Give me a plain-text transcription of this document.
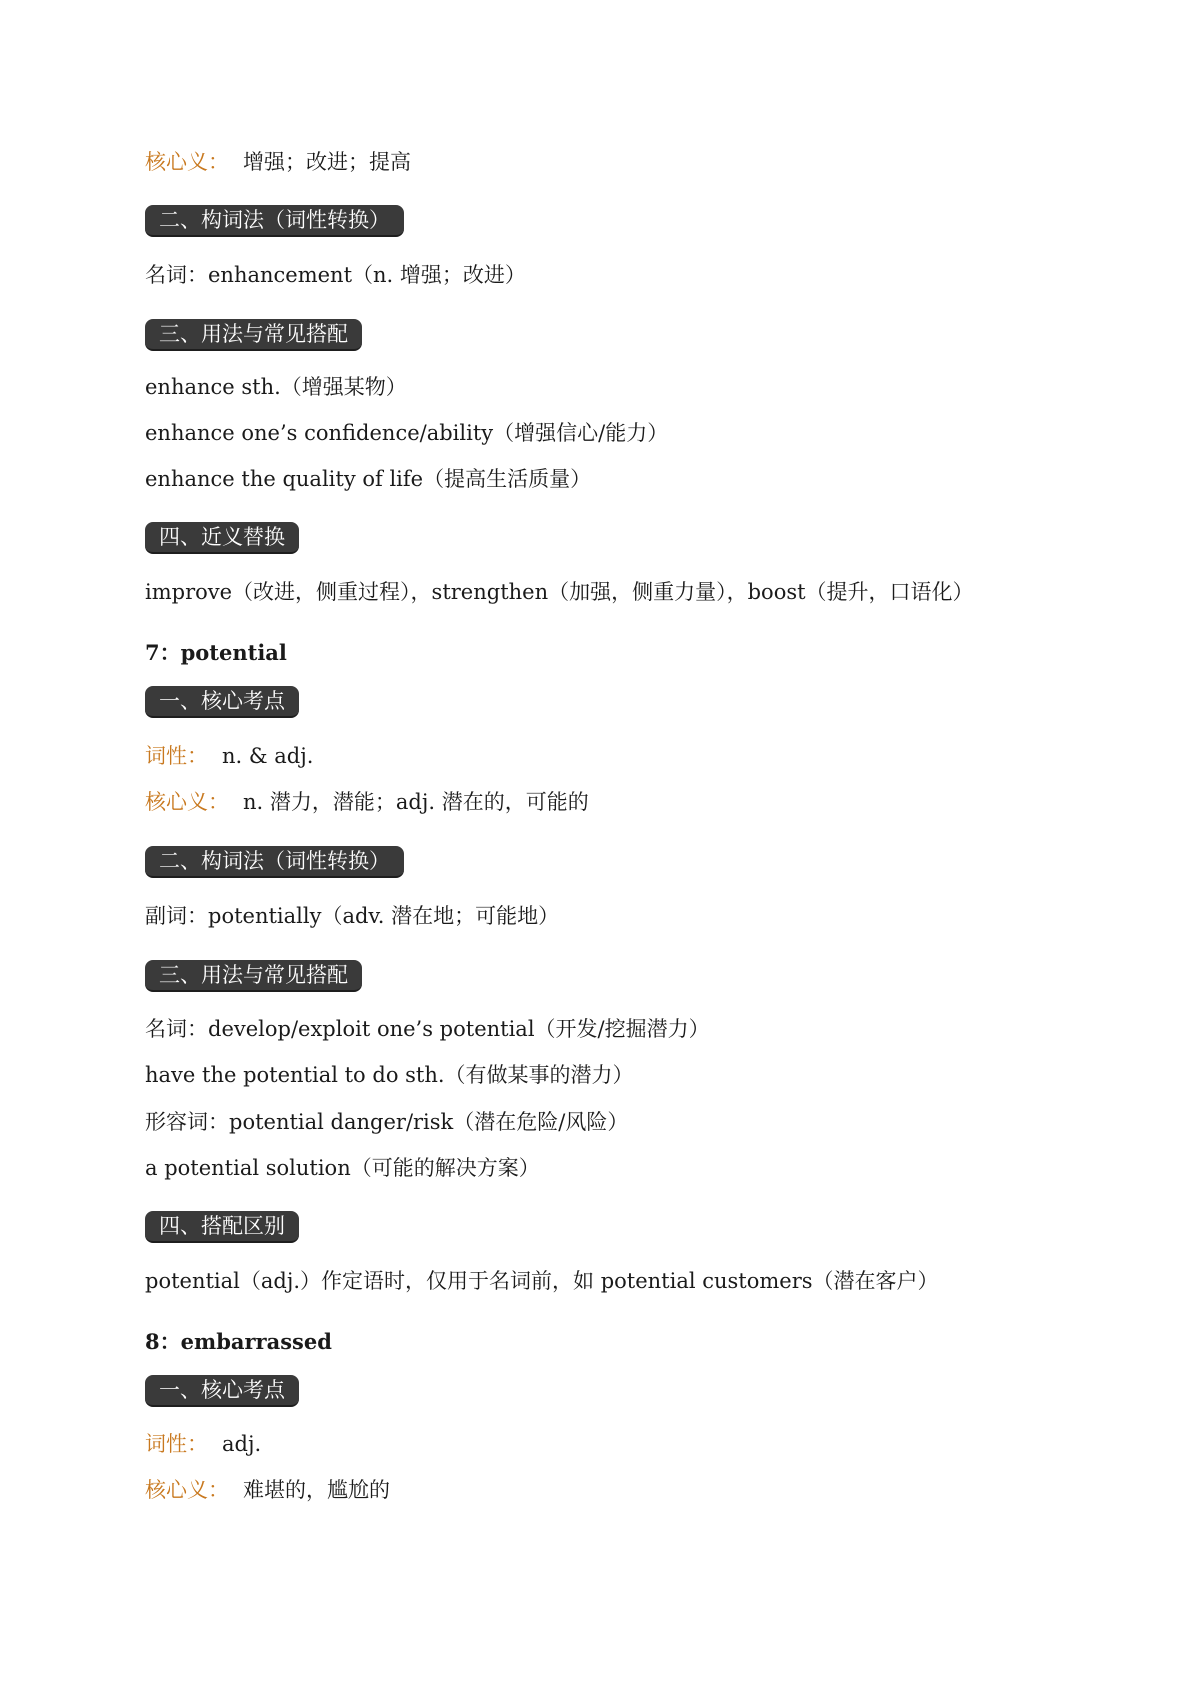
核心义： 增强；改进；提高
二、构词法（词性转换）
名词：enhancement（n. 增强；改进）
三、用法与常见搭配
enhance sth.（增强某物）
enhance one’s confidence/ability（增强信心/能力）
enhance the quality of life（提高生活质量）
四、近义替换
improve（改进，侧重过程），strengthen（加强，侧重力量），boost（提升，口语化）
7：potential
一、核心考点
词性： n. & adj.
核心义： n. 潜力，潜能；adj. 潜在的，可能的
二、构词法（词性转换）
副词：potentially（adv. 潜在地；可能地）
三、用法与常见搭配
名词：develop/exploit one’s potential（开发/挖掘潜力）
have the potential to do sth.（有做某事的潜力）
形容词：potential danger/risk（潜在危险/风险）
a potential solution（可能的解决方案）
四、搭配区别
potential（adj.）作定语时，仅用于名词前，如 potential customers（潜在客户）
8：embarrassed
一、核心考点
词性： adj.
核心义： 难堪的，尴尬的
